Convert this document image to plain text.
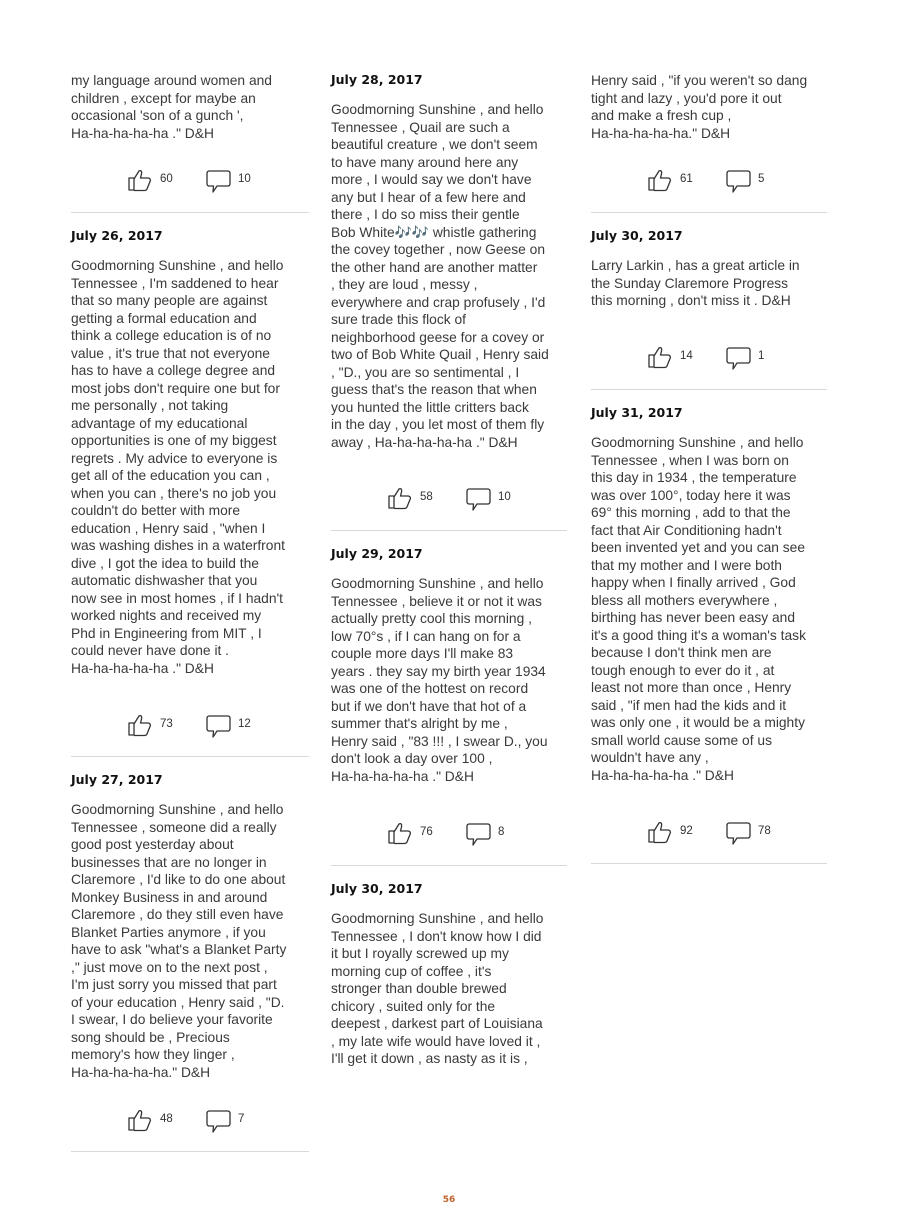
my language around women and
children , except for maybe an
occasional 'son of a gunch ',
Ha-ha-ha-ha-ha ." D&H

60	10

July 26, 2017

Goodmorning Sunshine , and hello
Tennessee , I'm saddened to hear
that so many people are against
getting a formal education and
think a college education is of no
value , it's true that not everyone
has to have a college degree and
most jobs don't require one but for
me personally , not taking
advantage of my educational
opportunities is one of my biggest
regrets . My advice to everyone is
get all of the education you can ,
when you can , there's no job you
couldn't do better with more
education , Henry said , "when I
was washing dishes in a waterfront
dive , I got the idea to build the
automatic dishwasher that you
now see in most homes , if I hadn't
worked nights and received my
Phd in Engineering from MIT , I
could never have done it .
Ha-ha-ha-ha-ha ." D&H

73	12

July 27, 2017

Goodmorning Sunshine , and hello
Tennessee , someone did a really
good post yesterday about
businesses that are no longer in
Claremore , I'd like to do one about
Monkey Business in and around
Claremore , do they still even have
Blanket Parties anymore , if you
have to ask "what's a Blanket Party
," just move on to the next post ,
I'm just sorry you missed that part
of your education , Henry said , "D.
I swear, I do believe your favorite
song should be , Precious
memory's how they linger ,
Ha-ha-ha-ha-ha." D&H

48	7

July 28, 2017

Goodmorning Sunshine , and hello
Tennessee , Quail are such a
beautiful creature , we don't seem
to have many around here any
more , I would say we don't have
any but I hear of a few here and
there , I do so miss their gentle
Bob White🎶🎶 whistle gathering
the covey together , now Geese on
the other hand are another matter
, they are loud , messy ,
everywhere and crap profusely , I'd
sure trade this flock of
neighborhood geese for a covey or
two of Bob White Quail , Henry said
, "D., you are so sentimental , I
guess that's the reason that when
you hunted the little critters back
in the day , you let most of them fly
away , Ha-ha-ha-ha-ha ." D&H

58	10

July 29, 2017

Goodmorning Sunshine , and hello
Tennessee , believe it or not it was
actually pretty cool this morning ,
low 70°s , if I can hang on for a
couple more days I'll make 83
years . they say my birth year 1934
was one of the hottest on record
but if we don't have that hot of a
summer that's alright by me ,
Henry said , "83 !!! , I swear D., you
don't look a day over 100 ,
Ha-ha-ha-ha-ha ." D&H

76	8

July 30, 2017

Goodmorning Sunshine , and hello
Tennessee , I don't know how I did
it but I royally screwed up my
morning cup of coffee , it's
stronger than double brewed
chicory , suited only for the
deepest , darkest part of Louisiana
, my late wife would have loved it ,
I'll get it down , as nasty as it is ,

Henry said , "if you weren't so dang
tight and lazy , you'd pore it out
and make a fresh cup ,
Ha-ha-ha-ha-ha." D&H

61	5

July 30, 2017

Larry Larkin , has a great article in
the Sunday Claremore Progress
this morning , don't miss it . D&H

14	1

July 31, 2017

Goodmorning Sunshine , and hello
Tennessee , when I was born on
this day in 1934 , the temperature
was over 100°, today here it was
69° this morning , add to that the
fact that Air Conditioning hadn't
been invented yet and you can see
that my mother and I were both
happy when I finally arrived , God
bless all mothers everywhere ,
birthing has never been easy and
it's a good thing it's a woman's task
because I don't think men are
tough enough to ever do it , at
least not more than once , Henry
said , "if men had the kids and it
was only one , it would be a mighty
small world cause some of us
wouldn't have any ,
Ha-ha-ha-ha-ha ." D&H

92	78
56
